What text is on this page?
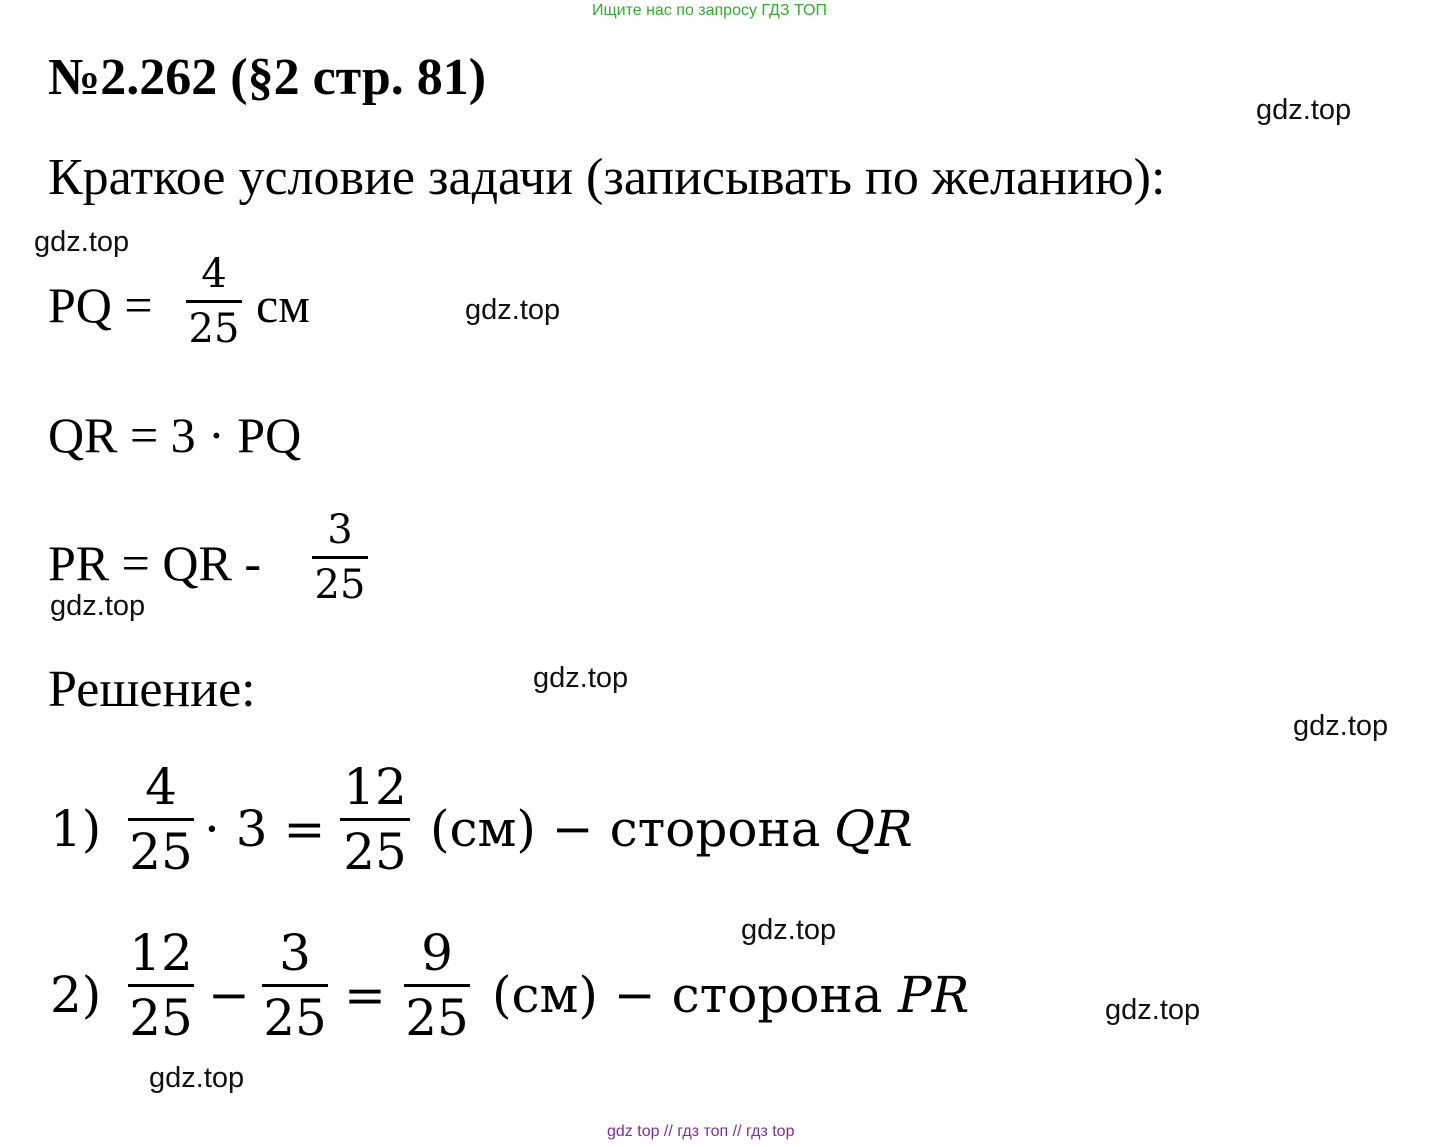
Ищите нас по запросу ГДЗ ТОП
№2.262 (§2 стр. 81)
Краткое условие задачи (записывать по желанию):
PQ =
4
25 см
QR = 3 · PQ
PR = QR -
3
25
Решение:
1)
4
25 · 3 =
12
25 (см) − сторона QR
2)
12
25 −
3
25 =
9
25 (см) − сторона PR
gdz.top
gdz.top
gdz.top
gdz.top
gdz.top
gdz.top
gdz.top
gdz.top
gdz.top
gdz top // гдз топ // гдз top
